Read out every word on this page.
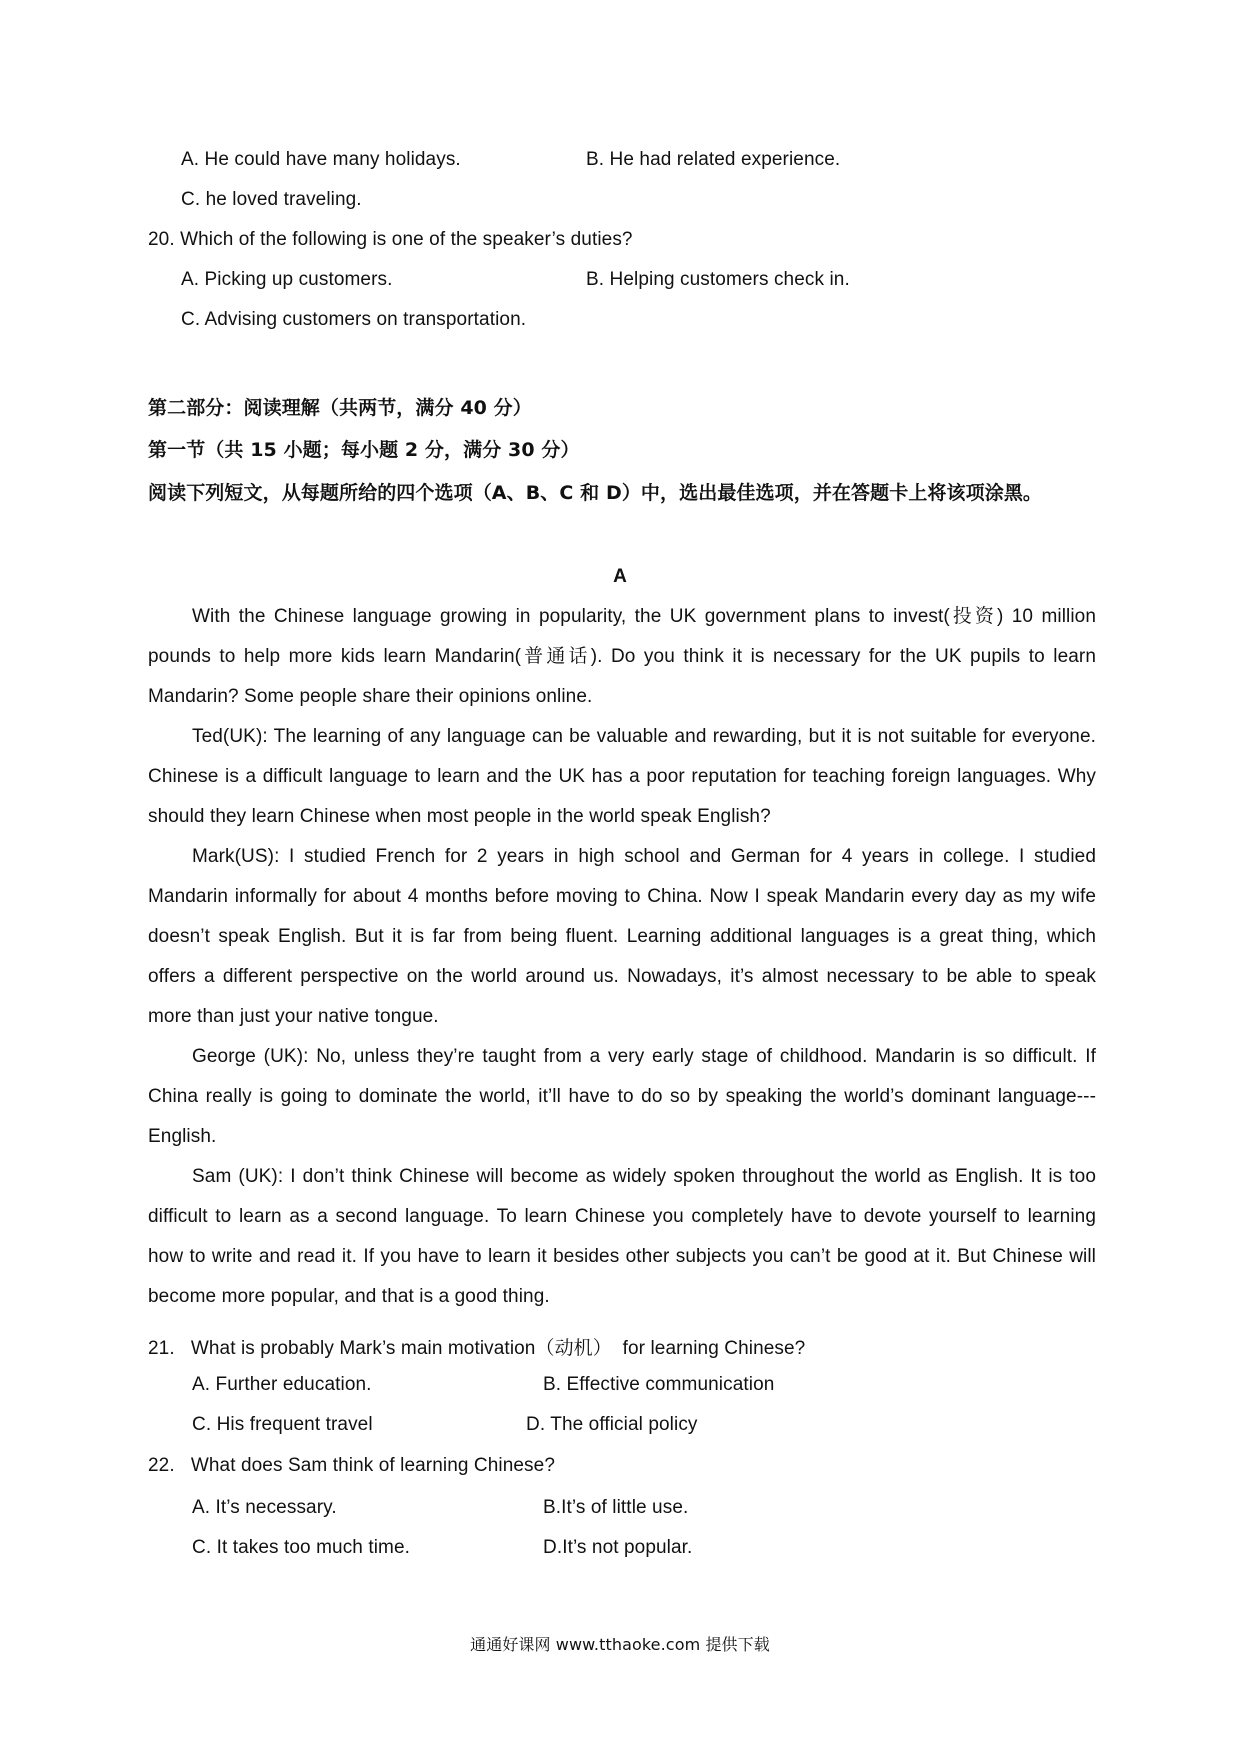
A. He could have many holidays.	B. He had related experience.
C. he loved traveling.
20. Which of the following is one of the speaker’s duties?
A. Picking up customers.	B. Helping customers check in.
C. Advising customers on transportation.
第二部分：阅读理解（共两节，满分 40 分）
第一节（共 15 小题；每小题 2 分，满分 30 分）
阅读下列短文，从每题所给的四个选项（A、B、C 和 D）中，选出最佳选项，并在答题卡上将该项涂黑。
A

With the Chinese language growing in popularity, the UK government plans to invest(投资) 10 million pounds to help more kids learn Mandarin(普通话). Do you think it is necessary for the UK pupils to learn Mandarin? Some people share their opinions online.

Ted(UK): The learning of any language can be valuable and rewarding, but it is not suitable for everyone. Chinese is a difficult language to learn and the UK has a poor reputation for teaching foreign languages. Why should they learn Chinese when most people in the world speak English?

Mark(US): I studied French for 2 years in high school and German for 4 years in college. I studied Mandarin informally for about 4 months before moving to China. Now I speak Mandarin every day as my wife doesn’t speak English. But it is far from being fluent. Learning additional languages is a great thing, which offers a different perspective on the world around us. Nowadays, it’s almost necessary to be able to speak more than just your native tongue.

George (UK): No, unless they’re taught from a very early stage of childhood. Mandarin is so difficult. If China really is going to dominate the world, it’ll have to do so by speaking the world’s dominant language---English.

Sam (UK): I don’t think Chinese will become as widely spoken throughout the world as English. It is too difficult to learn as a second language. To learn Chinese you completely have to devote yourself to learning how to write and read it. If you have to learn it besides other subjects you can’t be good at it. But Chinese will become more popular, and that is a good thing.

21.   What is probably Mark’s main motivation（动机）  for learning Chinese?
A. Further education.	B. Effective communication
C. His frequent travel	D. The official policy
22.   What does Sam think of learning Chinese?
A. It’s necessary.	B.It’s of little use.
C. It takes too much time.	D.It’s not popular.
通通好课网 www.tthaoke.com 提供下载
